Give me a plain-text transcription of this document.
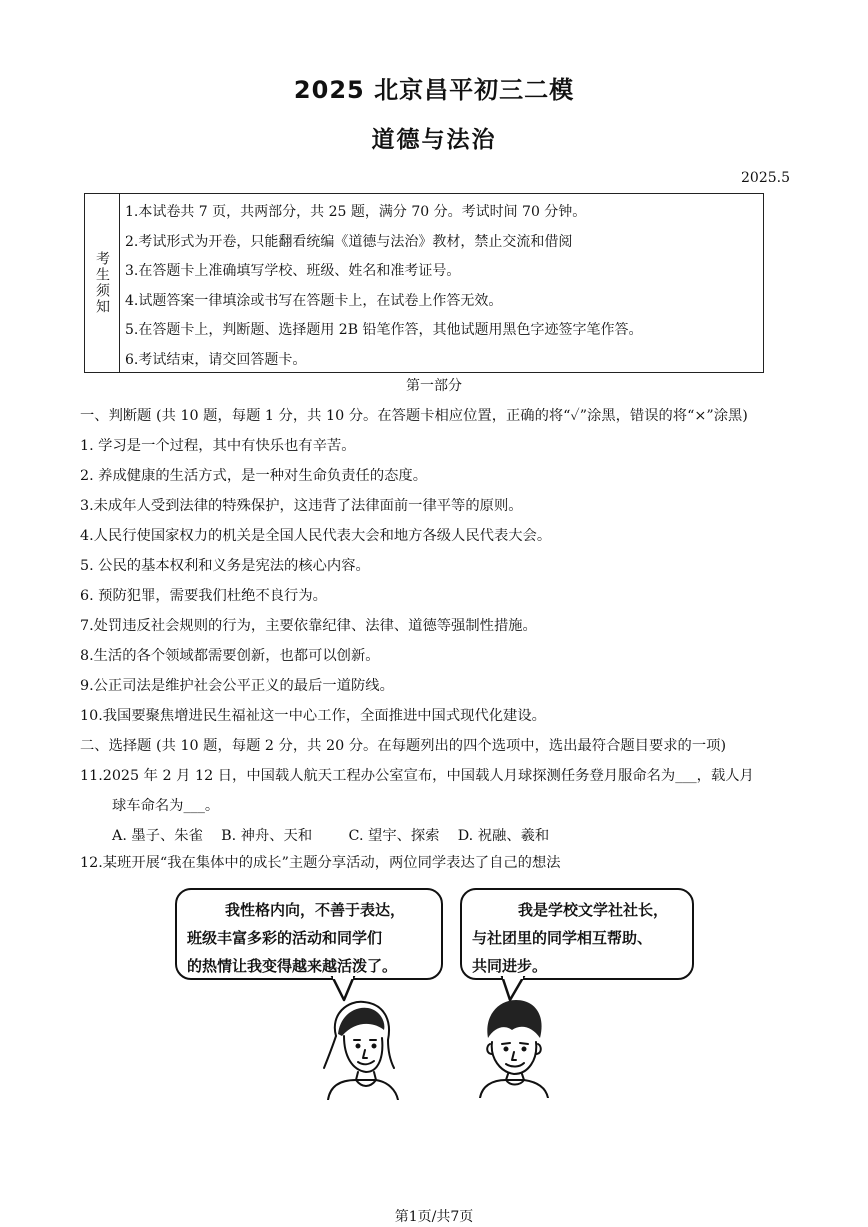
2025 北京昌平初三二模
道德与法治
2025.5
考生须知
1.本试卷共 7 页，共两部分，共 25 题，满分 70 分。考试时间 70 分钟。
2.考试形式为开卷，只能翻看统编《道德与法治》教材，禁止交流和借阅
3.在答题卡上准确填写学校、班级、姓名和准考证号。
4.试题答案一律填涂或书写在答题卡上，在试卷上作答无效。
5.在答题卡上，判断题、选择题用 2B 铅笔作答，其他试题用黑色字迹签字笔作答。
6.考试结束，请交回答题卡。
第一部分
一、判断题 (共 10 题，每题 1 分，共 10 分。在答题卡相应位置，正确的将“✓”涂黑，错误的将“×”涂黑)
1. 学习是一个过程，其中有快乐也有辛苦。
2. 养成健康的生活方式，是一种对生命负责任的态度。
3.未成年人受到法律的特殊保护，这违背了法律面前一律平等的原则。
4.人民行使国家权力的机关是全国人民代表大会和地方各级人民代表大会。
5. 公民的基本权利和义务是宪法的核心内容。
6. 预防犯罪，需要我们杜绝不良行为。
7.处罚违反社会规则的行为，主要依靠纪律、法律、道德等强制性措施。
8.生活的各个领域都需要创新，也都可以创新。
9.公正司法是维护社会公平正义的最后一道防线。
10.我国要聚焦增进民生福祉这一中心工作，全面推进中国式现代化建设。
二、选择题 (共 10 题，每题 2 分，共 20 分。在每题列出的四个选项中，选出最符合题目要求的一项)
11.2025 年 2 月 12 日，中国载人航天工程办公室宣布，中国载人月球探测任务登月服命名为___，载人月
球车命名为___。
A. 墨子、朱雀    B. 神舟、天和        C. 望宇、探索    D. 祝融、羲和
12.某班开展“我在集体中的成长”主题分享活动，两位同学表达了自己的想法
我性格内向，不善于表达，
班级丰富多彩的活动和同学们
的热情让我变得越来越活泼了。
我是学校文学社社长，
与社团里的同学相互帮助、
共同进步。
第1页/共7页
